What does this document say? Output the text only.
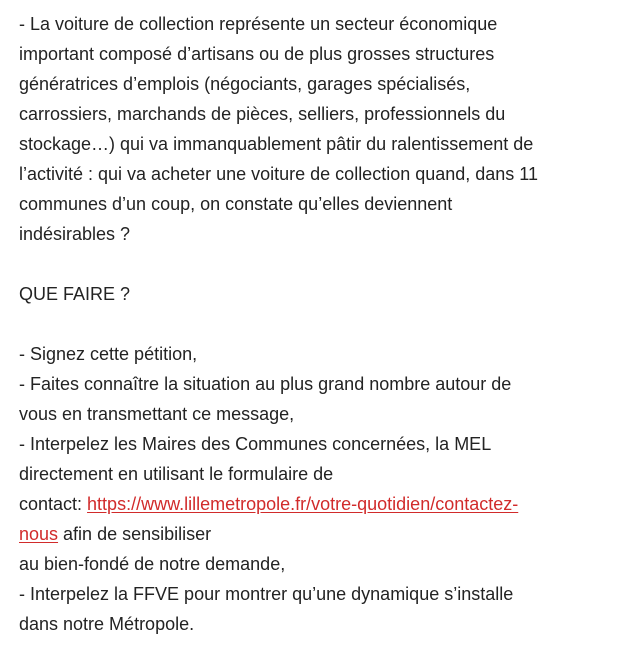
- La voiture de collection représente un secteur économique
important composé d’artisans ou de plus grosses structures
génératrices d’emplois (négociants, garages spécialisés,
carrossiers, marchands de pièces, selliers, professionnels du
stockage…) qui va immanquablement pâtir du ralentissement de
l’activité : qui va acheter une voiture de collection quand, dans 11
communes d’un coup, on constate qu’elles deviennent
indésirables ?
QUE FAIRE ?
- Signez cette pétition,
- Faites connaître la situation au plus grand nombre autour de
vous en transmettant ce message,
- Interpelez les Maires des Communes concernées, la MEL
directement en utilisant le formulaire de
contact: https://www.lillemetropole.fr/votre-quotidien/contactez-
nous afin de sensibiliser
au bien-fondé de notre demande,
- Interpelez la FFVE pour montrer qu’une dynamique s’installe
dans notre Métropole.
